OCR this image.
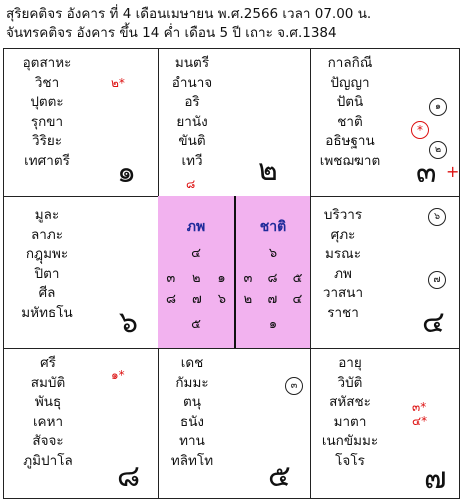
สุริยคติจร อังคาร ที่ 4 เดือนเมษายน พ.ศ.2566 เวลา 07.00 น.
จันทรคติจร อังคาร ขึ้น 14 ค่ำ เดือน 5 ปี เถาะ จ.ศ.1384
อุตสาหะ
วิชา
ปุตตะ
รุกขา
วิริยะ
เทศาตรี
๒*
๑
มนตรี
อำนาจ
อริ
ยานัง
ขันติ
เทวี
๘ ๒
กาลกิณี
ปัญญา
ปัตนิ
ชาติ
อธิษฐาน
เพชฌฆาต
๑
*
๒
๓ +
มูละ
ลาภะ
กฎุมพะ
ปิตา
ศีล
มหัทธโน ๖
บริวาร
ศุภะ
มรณะ
ภพ
วาสนา
ราชา
๖
๗
๔
ศรี
สมบัติ
พันธุ
เคหา
สัจจะ
ภูมิปาโล
๑*
๘
เดช
กัมมะ
ตนุ
ธนัง
ทาน
ทลิทโท
๓
๕
อายุ
วิบัติ
สหัสชะ
มาตา
เนกขัมมะ
โจโร
๓*
๔*
๗
ภพ
๔
๓ ๒ ๑
๘ ๗ ๖
๕
ชาติ
๖
๓ ๘ ๕
๒ ๗ ๔
๑
